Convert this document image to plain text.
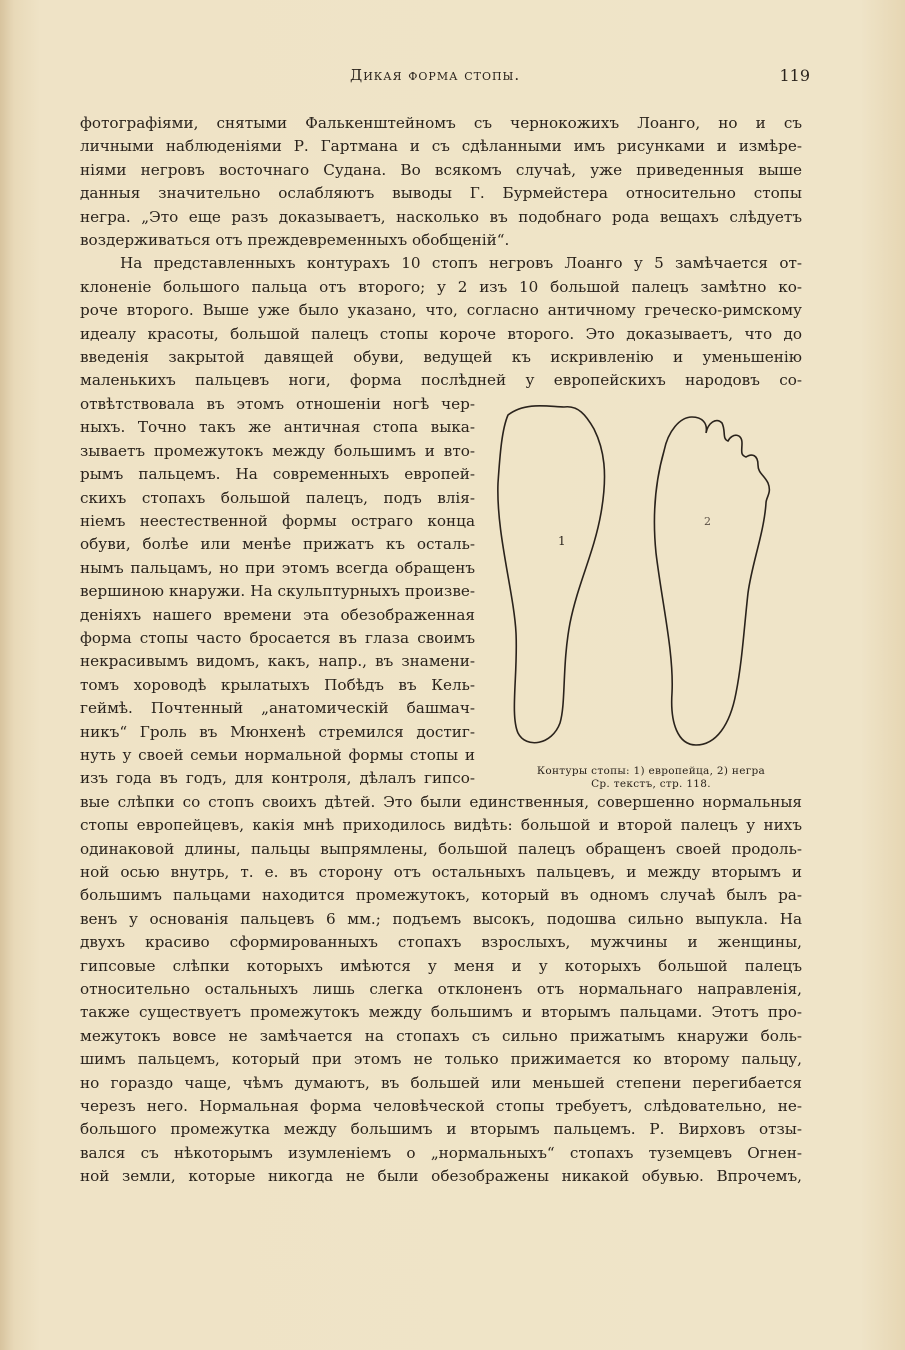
Дикая форма стопы.	119

фотографіями, снятыми Фалькенштейномъ съ чернокожихъ Лоанго, но и съ
личными наблюденіями Р. Гартмана и съ сдѣланными имъ рисунками и измѣре-
ніями негровъ восточнаго Судана. Во всякомъ случаѣ, уже приведенныя выше
данныя значительно ослабляютъ выводы Г. Бурмейстера относительно стопы
негра. „Это еще разъ доказываетъ, насколько въ подобнаго рода вещахъ слѣдуетъ
воздерживаться отъ преждевременныхъ обобщеній“.

На представленныхъ контурахъ 10 стопъ негровъ Лоанго у 5 замѣчается от-
клоненіе большого пальца отъ второго; у 2 изъ 10 большой палецъ замѣтно ко-
роче второго. Выше уже было указано, что, согласно античному греческо-римскому
идеалу красоты, большой палецъ стопы короче второго. Это доказываетъ, что до
введенія закрытой давящей обуви, ведущей къ искривленію и уменьшенію
маленькихъ пальцевъ ноги, форма послѣдней у европейскихъ народовъ со-

отвѣтствовала въ этомъ отношеніи ногѣ чер-
ныхъ. Точно такъ же античная стопа выка-
зываетъ промежутокъ между большимъ и вто-
рымъ пальцемъ. На современныхъ европей-
скихъ стопахъ большой палецъ, подъ влія-
ніемъ неестественной формы остраго конца
обуви, болѣе или менѣе прижатъ къ осталь-
нымъ пальцамъ, но при этомъ всегда обращенъ
вершиною кнаружи. На скульптурныхъ произве-
деніяхъ нашего времени эта обезображенная
форма стопы часто бросается въ глаза своимъ
некрасивымъ видомъ, какъ, напр., въ знамени-
томъ хороводѣ крылатыхъ Побѣдъ въ Кель-
геймѣ. Почтенный „анатомическій башмач-
никъ“ Гроль въ Мюнхенѣ стремился достиг-
нуть у своей семьи нормальной формы стопы и
изъ года въ годъ, для контроля, дѣлалъ гипсо-
1
2
Контуры стопы: 1) европейца, 2) негра
Ср. текстъ, стр. 118.

вые слѣпки со стопъ своихъ дѣтей. Это были единственныя, совершенно нормальныя
стопы европейцевъ, какія мнѣ приходилось видѣть: большой и второй палецъ у нихъ
одинаковой длины, пальцы выпрямлены, большой палецъ обращенъ своей продоль-
ной осью внутрь, т. е. въ сторону отъ остальныхъ пальцевъ, и между вторымъ и
большимъ пальцами находится промежутокъ, который въ одномъ случаѣ былъ ра-
венъ у основанія пальцевъ 6 мм.; подъемъ высокъ, подошва сильно выпукла. На
двухъ красиво сформированныхъ стопахъ взрослыхъ, мужчины и женщины,
гипсовые слѣпки которыхъ имѣются у меня и у которыхъ большой палецъ
относительно остальныхъ лишь слегка отклоненъ отъ нормальнаго направленія,
также существуетъ промежутокъ между большимъ и вторымъ пальцами. Этотъ про-
межутокъ вовсе не замѣчается на стопахъ съ сильно прижатымъ кнаружи боль-
шимъ пальцемъ, который при этомъ не только прижимается ко второму пальцу,
но гораздо чаще, чѣмъ думаютъ, въ большей или меньшей степени перегибается
черезъ него. Нормальная форма человѣческой стопы требуетъ, слѣдовательно, не-
большого промежутка между большимъ и вторымъ пальцемъ. Р. Вирховъ отзы-
вался съ нѣкоторымъ изумленіемъ о „нормальныхъ“ стопахъ туземцевъ Огнен-
ной земли, которые никогда не были обезображены никакой обувью. Впрочемъ,
